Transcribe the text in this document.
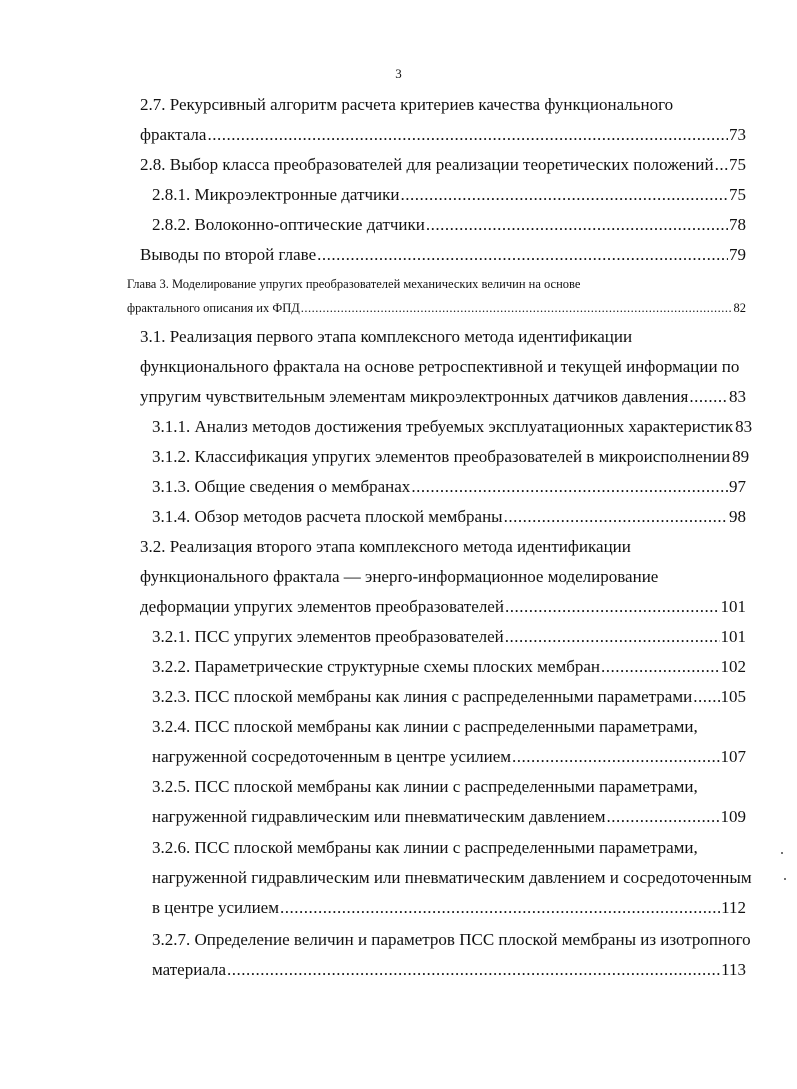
3
2.7. Рекурсивный алгоритм расчета критериев качества функционального
фрактала .....	73
2.8. Выбор класса преобразователей для реализации теоретических положений ..... 75
2.8.1. Микроэлектронные датчики .....	75
2.8.2. Волоконно-оптические датчики .....	78
Выводы по второй главе .....	79
Глава 3. Моделирование упругих преобразователей механических величин на основе
фрактального описания их ФПД .....	82
3.1. Реализация первого этапа комплексного метода идентификации
функционального фрактала на основе ретроспективной и текущей информации по
упругим чувствительным элементам микроэлектронных датчиков давления ..... 83
3.1.1. Анализ методов достижения требуемых эксплуатационных характеристик 83
3.1.2. Классификация упругих элементов преобразователей в микроисполнении 89
3.1.3. Общие сведения о мембранах .....	97
3.1.4. Обзор методов расчета плоской мембраны .....	98
3.2. Реализация второго этапа комплексного метода идентификации
функционального фрактала — энерго-информационное моделирование
деформации упругих элементов преобразователей .....	101
3.2.1. ПСС упругих элементов преобразователей .....	101
3.2.2. Параметрические структурные схемы плоских мембран .....	102
3.2.3. ПСС плоской мембраны как линия с распределенными параметрами ..... 105
3.2.4. ПСС плоской мембраны как линии с распределенными параметрами,
нагруженной сосредоточенным в центре усилием .....	107
3.2.5. ПСС плоской мембраны как линии с распределенными параметрами,
нагруженной гидравлическим или пневматическим давлением .....	109
3.2.6. ПСС плоской мембраны как линии с распределенными параметрами,
нагруженной гидравлическим или пневматическим давлением и сосредоточенным
в центре усилием .....	112
3.2.7. Определение величин и параметров ПСС плоской мембраны из изотропного
материала .....	113
